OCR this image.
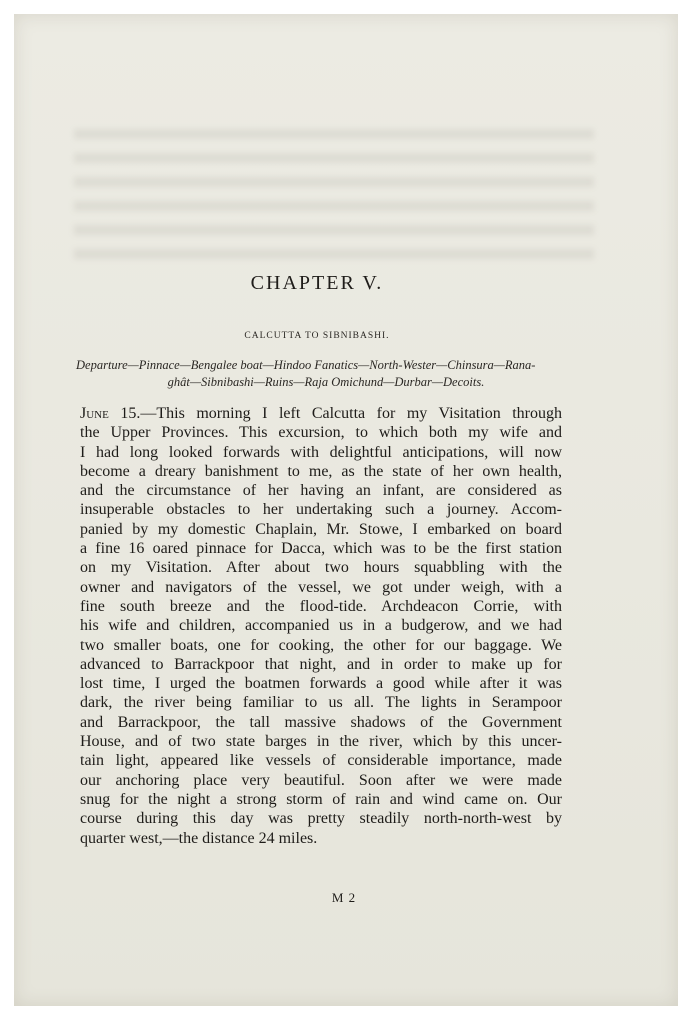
CHAPTER V.
CALCUTTA TO SIBNIBASHI.
Departure—Pinnace—Bengalee boat—Hindoo Fanatics—North-Wester—Chinsura—Rana-
ghât—Sibnibashi—Ruins—Raja Omichund—Durbar—Decoits.
June 15.—This morning I left Calcutta for my Visitation through
the Upper Provinces. This excursion, to which both my wife and
I had long looked forwards with delightful anticipations, will now
become a dreary banishment to me, as the state of her own health,
and the circumstance of her having an infant, are considered as
insuperable obstacles to her undertaking such a journey. Accom-
panied by my domestic Chaplain, Mr. Stowe, I embarked on board
a fine 16 oared pinnace for Dacca, which was to be the first station
on my Visitation. After about two hours squabbling with the
owner and navigators of the vessel, we got under weigh, with a
fine south breeze and the flood-tide. Archdeacon Corrie, with
his wife and children, accompanied us in a budgerow, and we had
two smaller boats, one for cooking, the other for our baggage. We
advanced to Barrackpoor that night, and in order to make up for
lost time, I urged the boatmen forwards a good while after it was
dark, the river being familiar to us all. The lights in Serampoor
and Barrackpoor, the tall massive shadows of the Government
House, and of two state barges in the river, which by this uncer-
tain light, appeared like vessels of considerable importance, made
our anchoring place very beautiful. Soon after we were made
snug for the night a strong storm of rain and wind came on. Our
course during this day was pretty steadily north-north-west by
quarter west,—the distance 24 miles.
M 2
